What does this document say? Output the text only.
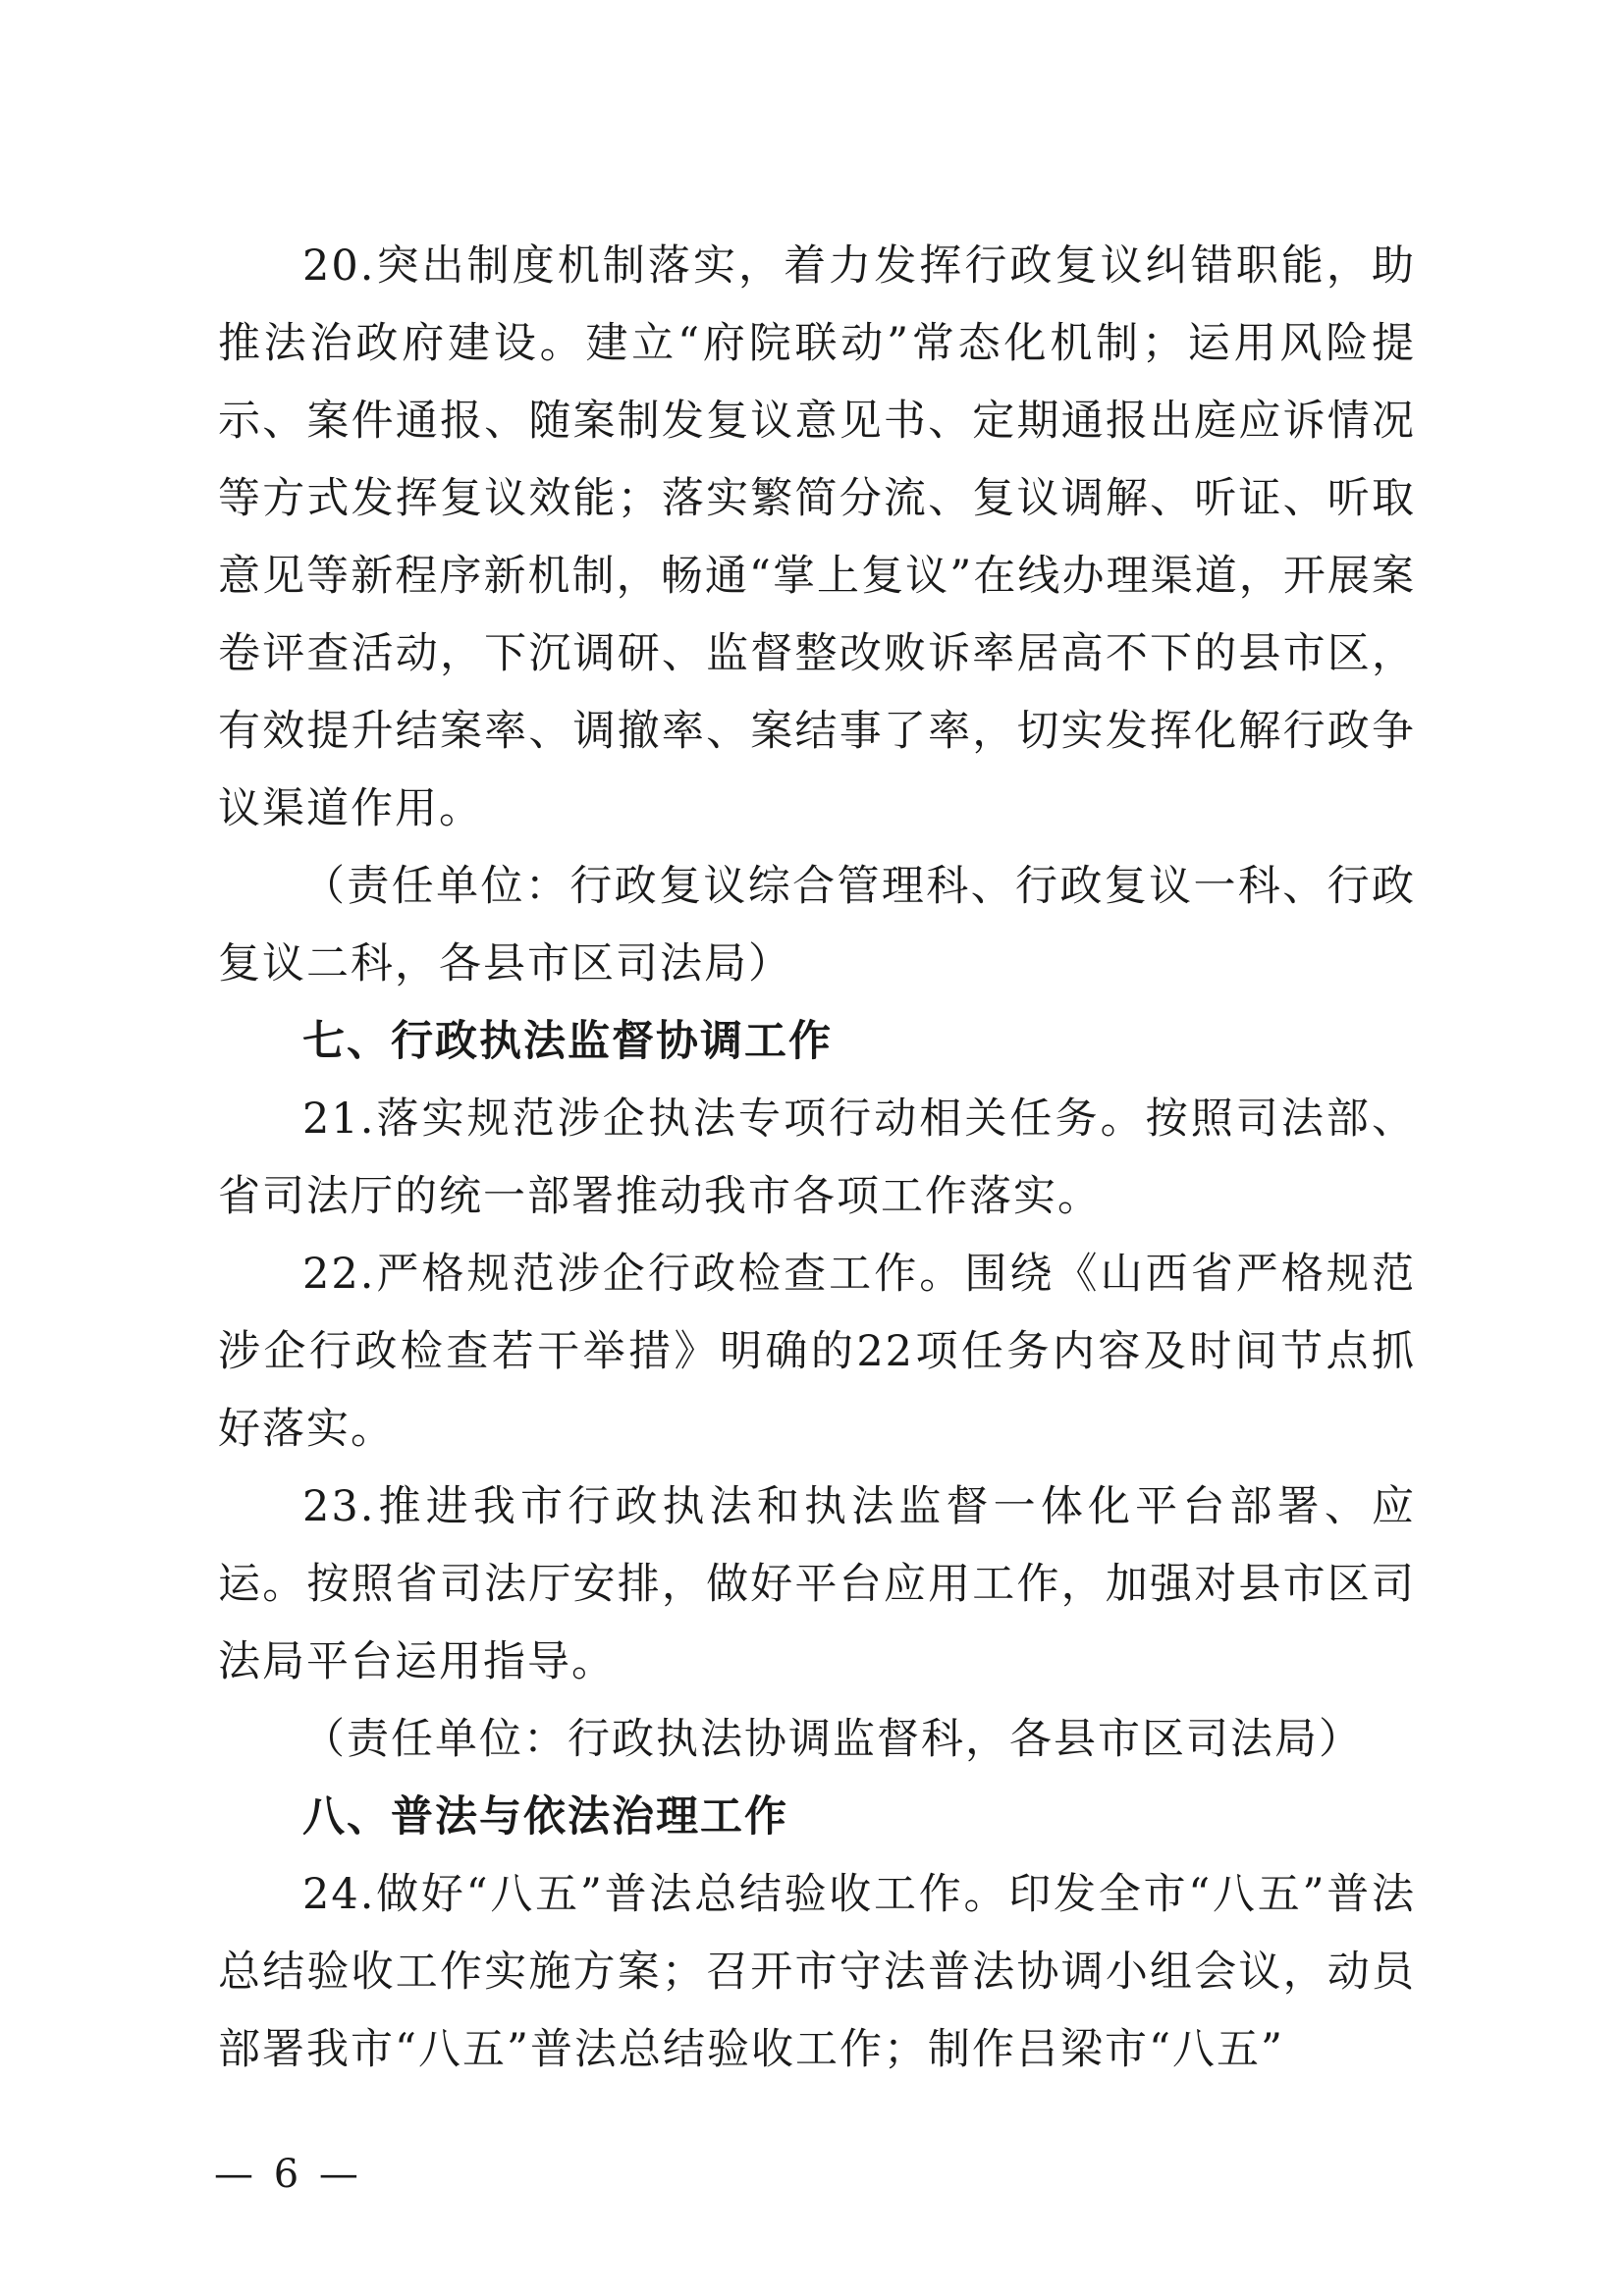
20.突出制度机制落实，着力发挥行政复议纠错职能，助推法治政府建设。建立“府院联动”常态化机制；运用风险提示、案件通报、随案制发复议意见书、定期通报出庭应诉情况等方式发挥复议效能；落实繁简分流、复议调解、听证、听取意见等新程序新机制，畅通“掌上复议”在线办理渠道，开展案卷评查活动，下沉调研、监督整改败诉率居高不下的县市区，有效提升结案率、调撤率、案结事了率，切实发挥化解行政争议渠道作用。

（责任单位：行政复议综合管理科、行政复议一科、行政复议二科，各县市区司法局）

七、行政执法监督协调工作

21.落实规范涉企执法专项行动相关任务。按照司法部、省司法厅的统一部署推动我市各项工作落实。

22.严格规范涉企行政检查工作。围绕《山西省严格规范涉企行政检查若干举措》明确的22项任务内容及时间节点抓好落实。

23.推进我市行政执法和执法监督一体化平台部署、应运。按照省司法厅安排，做好平台应用工作，加强对县市区司法局平台运用指导。

（责任单位：行政执法协调监督科，各县市区司法局）

八、普法与依法治理工作

24.做好“八五”普法总结验收工作。印发全市“八五”普法总结验收工作实施方案；召开市守法普法协调小组会议，动员部署我市“八五”普法总结验收工作；制作吕梁市“八五”

— 6 —
